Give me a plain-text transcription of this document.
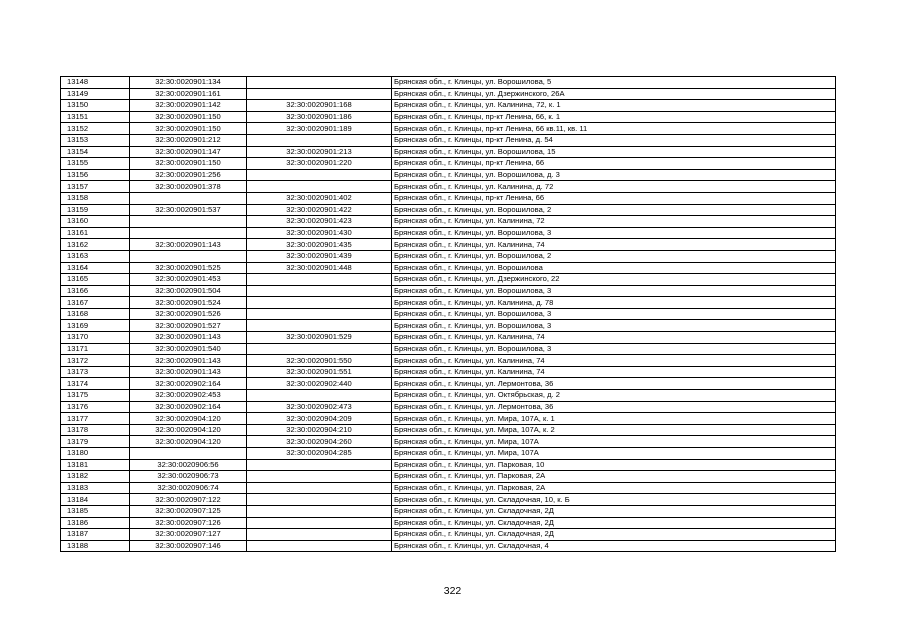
13148	32:30:0020901:134		Брянская обл., г. Клинцы, ул. Ворошилова, 5
13149	32:30:0020901:161		Брянская обл., г. Клинцы, ул. Дзержинского, 26А
13150	32:30:0020901:142	32:30:0020901:168	Брянская обл., г. Клинцы, ул. Калинина, 72, к. 1
13151	32:30:0020901:150	32:30:0020901:186	Брянская обл., г. Клинцы, пр-кт Ленина, 66, к. 1
13152	32:30:0020901:150	32:30:0020901:189	Брянская обл., г. Клинцы, пр-кт Ленина, 66 кв.11, кв. 11
13153	32:30:0020901:212		Брянская обл., г. Клинцы, пр-кт Ленина, д. 54
13154	32:30:0020901:147	32:30:0020901:213	Брянская обл., г. Клинцы, ул. Ворошилова, 15
13155	32:30:0020901:150	32:30:0020901:220	Брянская обл., г. Клинцы, пр-кт Ленина, 66
13156	32:30:0020901:256		Брянская обл., г. Клинцы, ул. Ворошилова, д. 3
13157	32:30:0020901:378		Брянская обл., г. Клинцы, ул. Калинина, д. 72
13158		32:30:0020901:402	Брянская обл., г. Клинцы, пр-кт Ленина, 66
13159	32:30:0020901:537	32:30:0020901:422	Брянская обл., г. Клинцы, ул. Ворошилова, 2
13160		32:30:0020901:423	Брянская обл., г. Клинцы, ул. Калинина, 72
13161		32:30:0020901:430	Брянская обл., г. Клинцы, ул. Ворошилова, 3
13162	32:30:0020901:143	32:30:0020901:435	Брянская обл., г. Клинцы, ул. Калинина, 74
13163		32:30:0020901:439	Брянская обл., г. Клинцы, ул. Ворошилова, 2
13164	32:30:0020901:525	32:30:0020901:448	Брянская обл., г. Клинцы, ул. Ворошилова
13165	32:30:0020901:453		Брянская обл., г. Клинцы, ул. Дзержинского, 22
13166	32:30:0020901:504		Брянская обл., г. Клинцы, ул. Ворошилова, 3
13167	32:30:0020901:524		Брянская обл., г. Клинцы, ул. Калинина, д. 78
13168	32:30:0020901:526		Брянская обл., г. Клинцы, ул. Ворошилова, 3
13169	32:30:0020901:527		Брянская обл., г. Клинцы, ул. Ворошилова, 3
13170	32:30:0020901:143	32:30:0020901:529	Брянская обл., г. Клинцы, ул. Калинина, 74
13171	32:30:0020901:540		Брянская обл., г. Клинцы, ул. Ворошилова, 3
13172	32:30:0020901:143	32:30:0020901:550	Брянская обл., г. Клинцы, ул. Калинина, 74
13173	32:30:0020901:143	32:30:0020901:551	Брянская обл., г. Клинцы, ул. Калинина, 74
13174	32:30:0020902:164	32:30:0020902:440	Брянская обл., г. Клинцы, ул. Лермонтова, 36
13175	32:30:0020902:453		Брянская обл., г. Клинцы, ул. Октябрьская, д. 2
13176	32:30:0020902:164	32:30:0020902:473	Брянская обл., г. Клинцы, ул. Лермонтова, 36
13177	32:30:0020904:120	32:30:0020904:209	Брянская обл., г. Клинцы, ул. Мира, 107А, к. 1
13178	32:30:0020904:120	32:30:0020904:210	Брянская обл., г. Клинцы, ул. Мира, 107А, к. 2
13179	32:30:0020904:120	32:30:0020904:260	Брянская обл., г. Клинцы, ул. Мира, 107А
13180		32:30:0020904:285	Брянская обл., г. Клинцы, ул. Мира, 107А
13181	32:30:0020906:56		Брянская обл., г. Клинцы, ул. Парковая, 10
13182	32:30:0020906:73		Брянская обл., г. Клинцы, ул. Парковая, 2А
13183	32:30:0020906:74		Брянская обл., г. Клинцы, ул. Парковая, 2А
13184	32:30:0020907:122		Брянская обл., г. Клинцы, ул. Складочная, 10, к. Б
13185	32:30:0020907:125		Брянская обл., г. Клинцы, ул. Складочная, 2Д
13186	32:30:0020907:126		Брянская обл., г. Клинцы, ул. Складочная, 2Д
13187	32:30:0020907:127		Брянская обл., г. Клинцы, ул. Складочная, 2Д
13188	32:30:0020907:146		Брянская обл., г. Клинцы, ул. Складочная, 4
322
